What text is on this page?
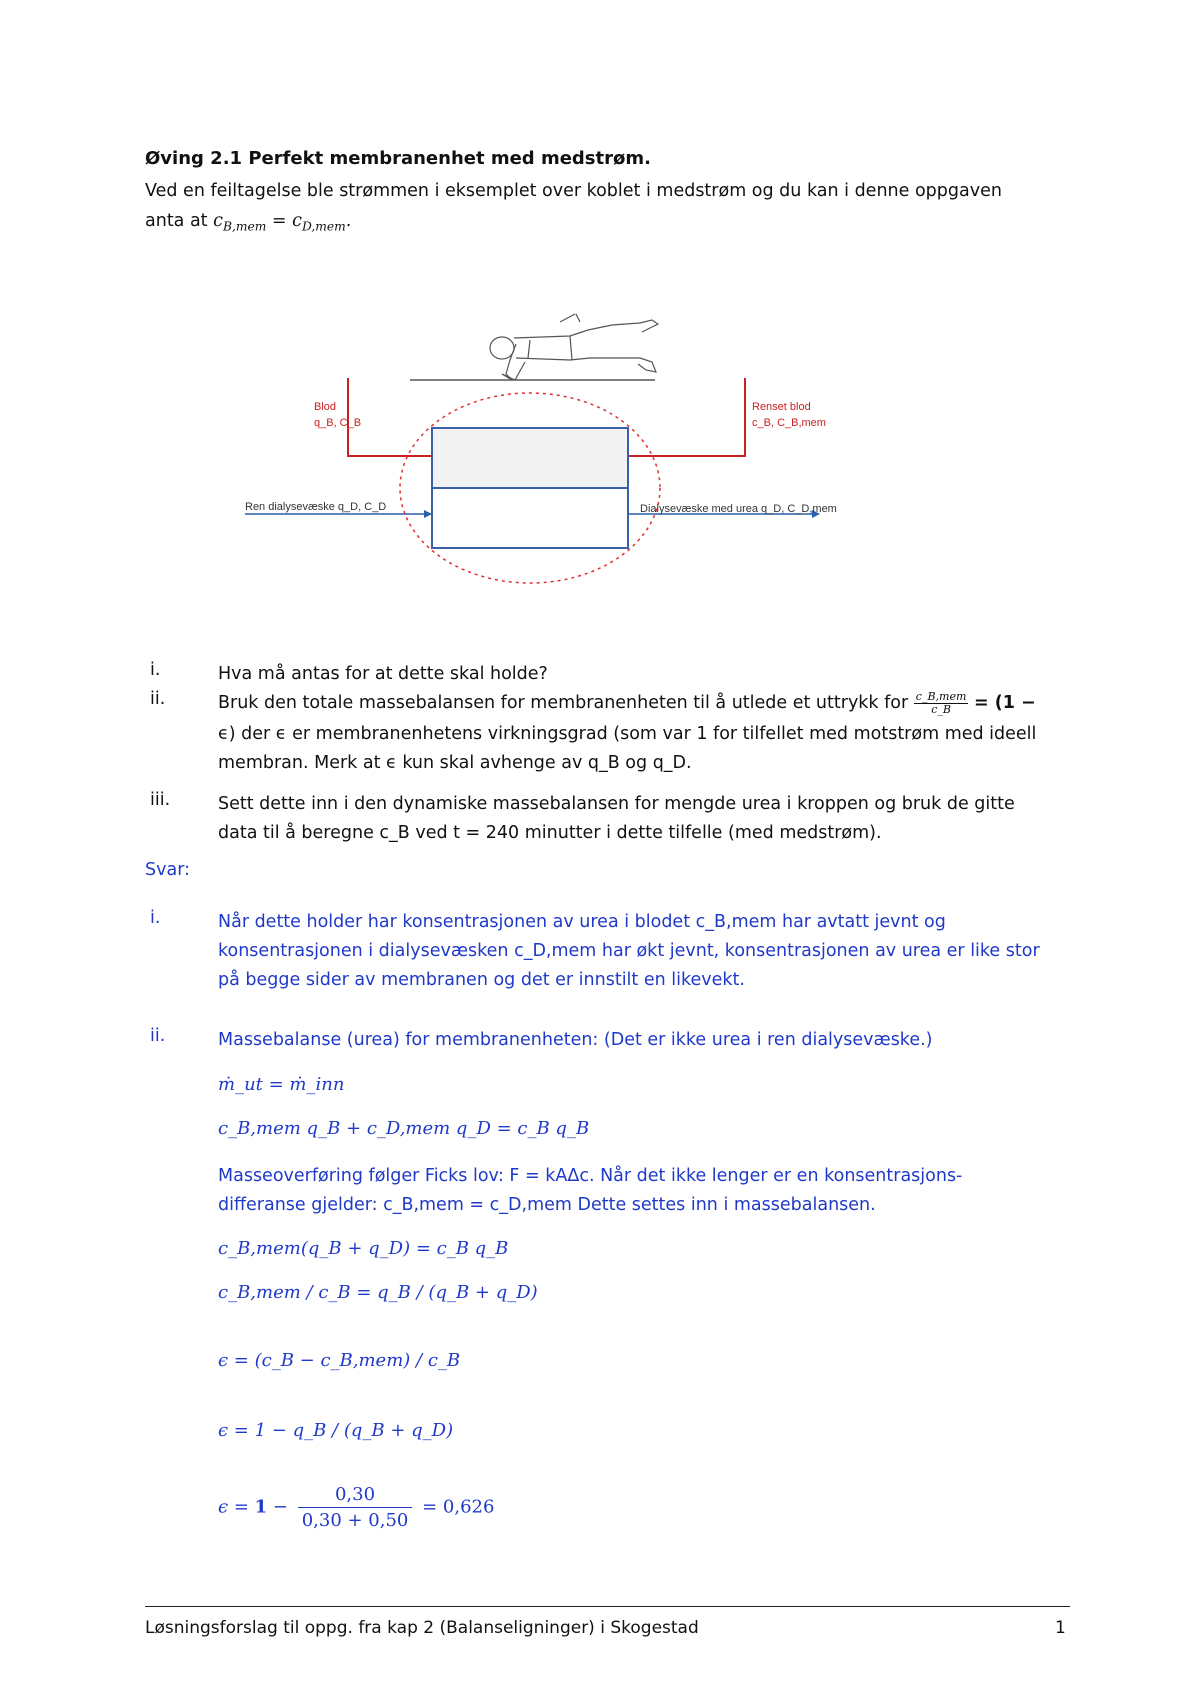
Øving 2.1 Perfekt membranenhet med medstrøm.
Ved en feiltagelse ble strømmen i eksemplet over koblet i medstrøm og du kan i denne oppgaven
anta at $c_{B,mem} = c_{D,mem}$.
Blod
q_B, C_B
Renset blod
c_B, C_B,mem
Ren dialysevæske q_D, C_D	Dialysevæske med urea q_D, C_D,mem
i.	Hva må antas for at dette skal holde?
ii.	Bruk den totale massebalansen for membranenheten til å utlede et uttrykk for $\frac{\text{c\_B,mem}}{c\_B} = (1$ −
ϵ) der ϵ er membranenhetens virkningsgrad (som var 1 for tilfellet med motstrøm med ideell
membran. Merk at ϵ kun skal avhenge av q_B og q_D.
iii.	Sett dette inn i den dynamiske massebalansen for mengde urea i kroppen og bruk de gitte
data til å beregne c_B ved t = 240 minutter i dette tilfelle (med medstrøm).
Svar:
i.	Når dette holder har konsentrasjonen av urea i blodet c_B,mem har avtatt jevnt og
konsentrasjonen i dialysevæsken c_D,mem har økt jevnt, konsentrasjonen av urea er like stor
på begge sider av membranen og det er innstilt en likevekt.
ii.	Massebalanse (urea) for membranenheten: (Det er ikke urea i ren dialysevæske.)
ṁ_ut = ṁ_inn
c_B,mem q_B + c_D,mem q_D = c_B q_B
Masseoverføring følger Ficks lov: F = kAΔc. Når det ikke lenger er en konsentrasjons-
differanse gjelder: c_B,mem = c_D,mem Dette settes inn i massebalansen.
c_B,mem(q_B + q_D) = c_B q_B
c_B,mem / c_B = q_B / (q_B + q_D)
ϵ = (c_B − c_B,mem) / c_B
ϵ = 1 − q_B / (q_B + q_D)
$\epsilon = 1 - \frac{0,30}{0,30 + 0,50} = 0,626$
Løsningsforslag til oppg. fra kap 2 (Balanseligninger) i Skogestad	1
